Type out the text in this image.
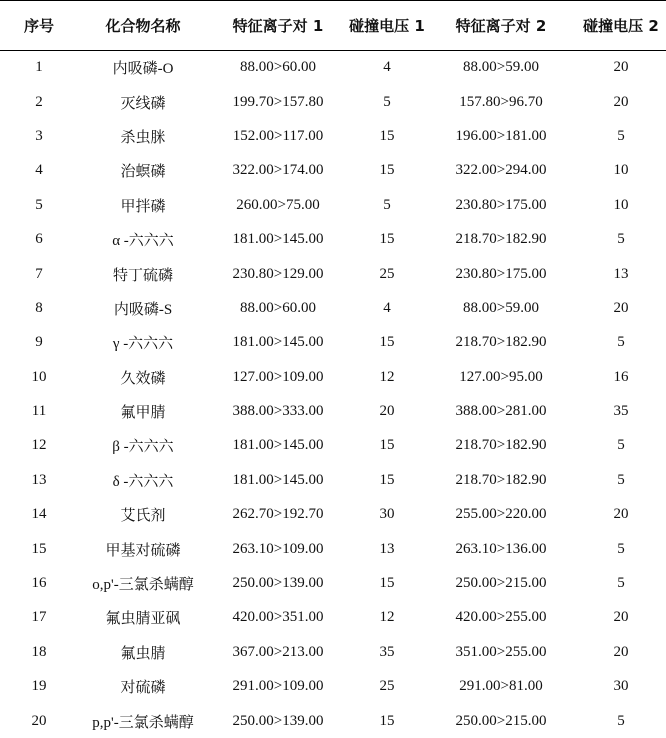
序号	化合物名称	特征离子对 1	碰撞电压 1	特征离子对 2	碰撞电压 2
1	内吸磷-O	88.00>60.00	4	88.00>59.00	20
2	灭线磷	199.70>157.80	5	157.80>96.70	20
3	杀虫脒	152.00>117.00	15	196.00>181.00	5
4	治螟磷	322.00>174.00	15	322.00>294.00	10
5	甲拌磷	260.00>75.00	5	230.80>175.00	10
6	α -六六六	181.00>145.00	15	218.70>182.90	5
7	特丁硫磷	230.80>129.00	25	230.80>175.00	13
8	内吸磷-S	88.00>60.00	4	88.00>59.00	20
9	γ -六六六	181.00>145.00	15	218.70>182.90	5
10	久效磷	127.00>109.00	12	127.00>95.00	16
11	氟甲腈	388.00>333.00	20	388.00>281.00	35
12	β -六六六	181.00>145.00	15	218.70>182.90	5
13	δ -六六六	181.00>145.00	15	218.70>182.90	5
14	艾氏剂	262.70>192.70	30	255.00>220.00	20
15	甲基对硫磷	263.10>109.00	13	263.10>136.00	5
16	o,p'-三氯杀螨醇	250.00>139.00	15	250.00>215.00	5
17	氟虫腈亚砜	420.00>351.00	12	420.00>255.00	20
18	氟虫腈	367.00>213.00	35	351.00>255.00	20
19	对硫磷	291.00>109.00	25	291.00>81.00	30
20	p,p'-三氯杀螨醇	250.00>139.00	15	250.00>215.00	5
